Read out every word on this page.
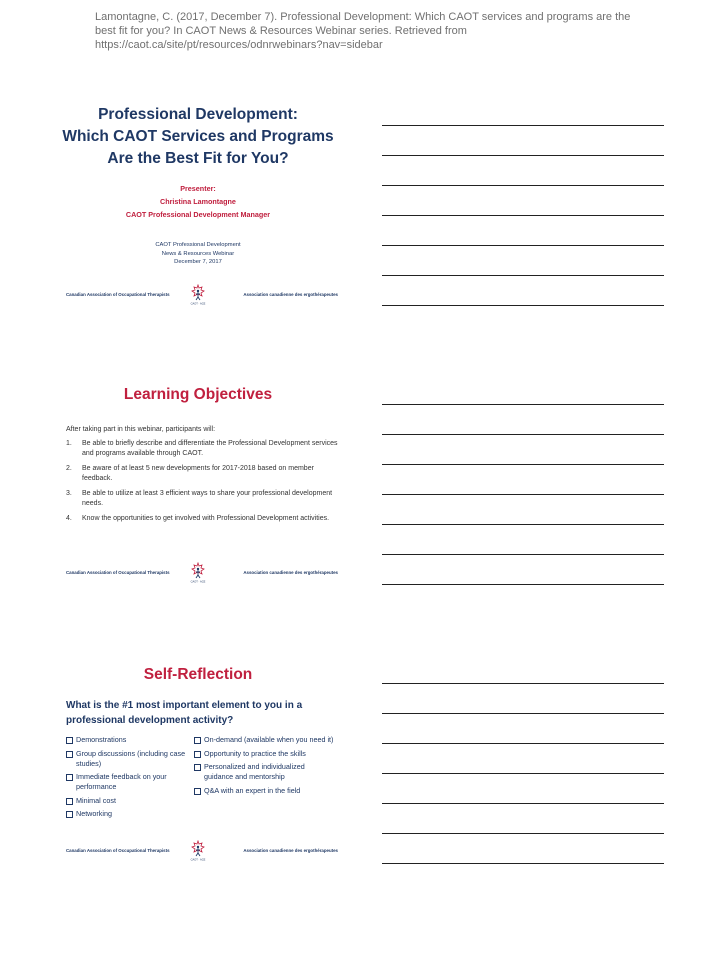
Lamontagne, C. (2017, December 7). Professional Development: Which CAOT services and programs are the best fit for you? In CAOT News & Resources Webinar series. Retrieved from https://caot.ca/site/pt/resources/odnrwebinars?nav=sidebar

Professional Development:

Which CAOT Services and Programs

Are the Best Fit for You?

Presenter:
Christina Lamontagne
CAOT Professional Development Manager
CAOT Professional Development
News & Resources Webinar
December 7, 2017
Canadian Association of Occupational Therapists
CAOT · ACE
Association canadienne des ergothérapeutes

Learning Objectives

After taking part in this webinar, participants will:
1. Be able to briefly describe and differentiate the Professional Development services and programs available through CAOT.
2. Be aware of at least 5 new developments for 2017-2018 based on member feedback.
3. Be able to utilize at least 3 efficient ways to share your professional development needs.
4. Know the opportunities to get involved with Professional Development activities.
Canadian Association of Occupational Therapists
CAOT · ACE
Association canadienne des ergothérapeutes

Self-Reflection

What is the #1 most important element to you in a professional development activity?
Demonstrations
Group discussions (including case studies)
Immediate feedback on your performance
Minimal cost
Networking
On-demand (available when you need it)
Opportunity to practice the skills
Personalized and individualized guidance and mentorship
Q&A with an expert in the field
Canadian Association of Occupational Therapists
CAOT · ACE
Association canadienne des ergothérapeutes
